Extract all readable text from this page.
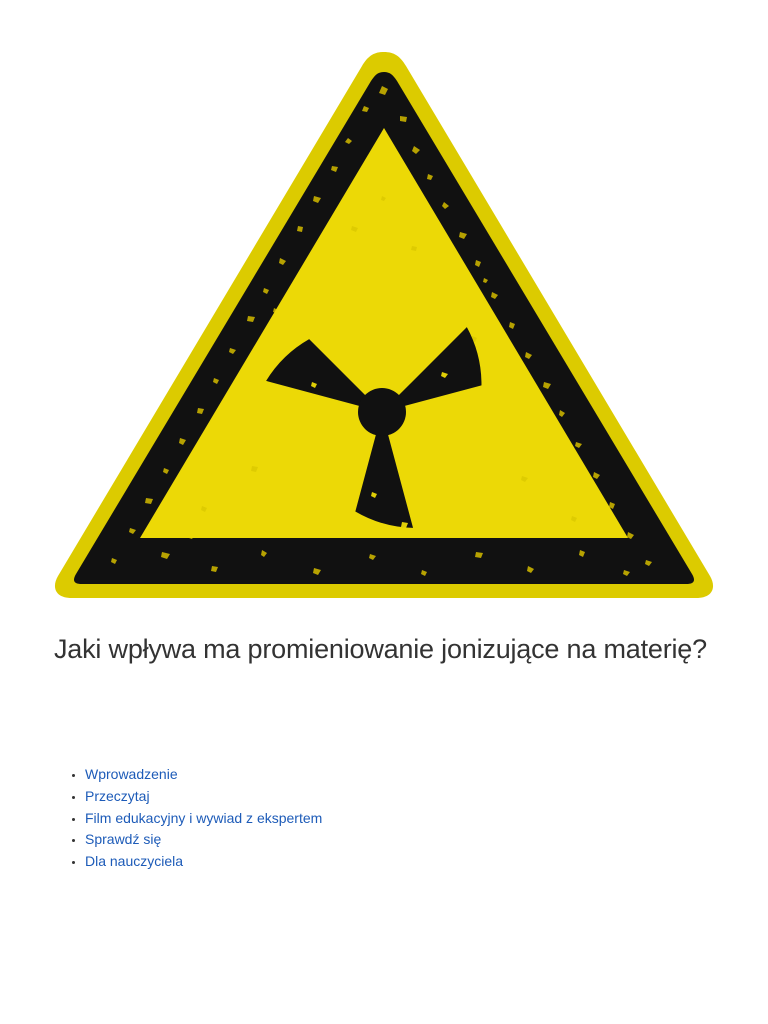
Jaki wpływa ma promieniowanie jonizujące na materię?
• Wprowadzenie
• Przeczytaj
• Film edukacyjny i wywiad z ekspertem
• Sprawdź się
• Dla nauczyciela
